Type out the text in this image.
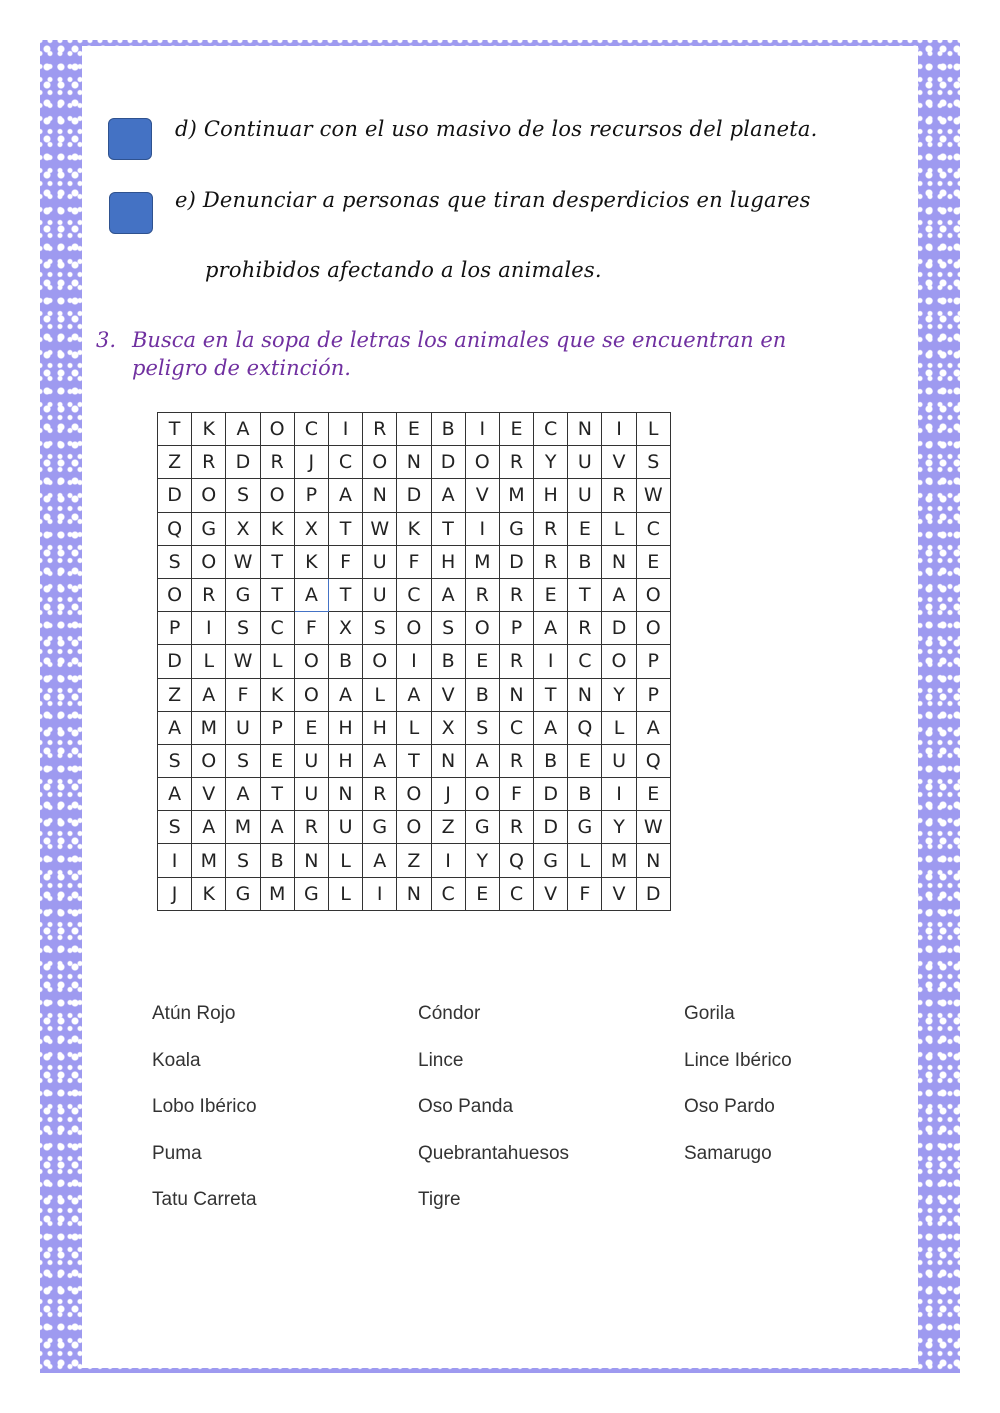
d) Continuar con el uso masivo de los recursos del planeta.
e) Denunciar a personas que tiran desperdicios en lugares
prohibidos afectando a los animales.
3. Busca en la sopa de letras los animales que se encuentran en peligro de extinción.
T	K	A	O	C	I	R	E	B	I	E	C	N	I	L
Z	R	D	R	J	C	O	N	D	O	R	Y	U	V	S
D	O	S	O	P	A	N	D	A	V	M	H	U	R	W
Q	G	X	K	X	T	W	K	T	I	G	R	E	L	C
S	O	W	T	K	F	U	F	H	M	D	R	B	N	E
O	R	G	T	A	T	U	C	A	R	R	E	T	A	O
P	I	S	C	F	X	S	O	S	O	P	A	R	D	O
D	L	W	L	O	B	O	I	B	E	R	I	C	O	P
Z	A	F	K	O	A	L	A	V	B	N	T	N	Y	P
A	M	U	P	E	H	H	L	X	S	C	A	Q	L	A
S	O	S	E	U	H	A	T	N	A	R	B	E	U	Q
A	V	A	T	U	N	R	O	J	O	F	D	B	I	E
S	A	M	A	R	U	G	O	Z	G	R	D	G	Y	W
I	M	S	B	N	L	A	Z	I	Y	Q	G	L	M	N
J	K	G	M	G	L	I	N	C	E	C	V	F	V	D
Atún Rojo	Cóndor	Gorila
Koala	Lince	Lince Ibérico
Lobo Ibérico	Oso Panda	Oso Pardo
Puma	Quebrantahuesos	Samarugo
Tatu Carreta	Tigre
